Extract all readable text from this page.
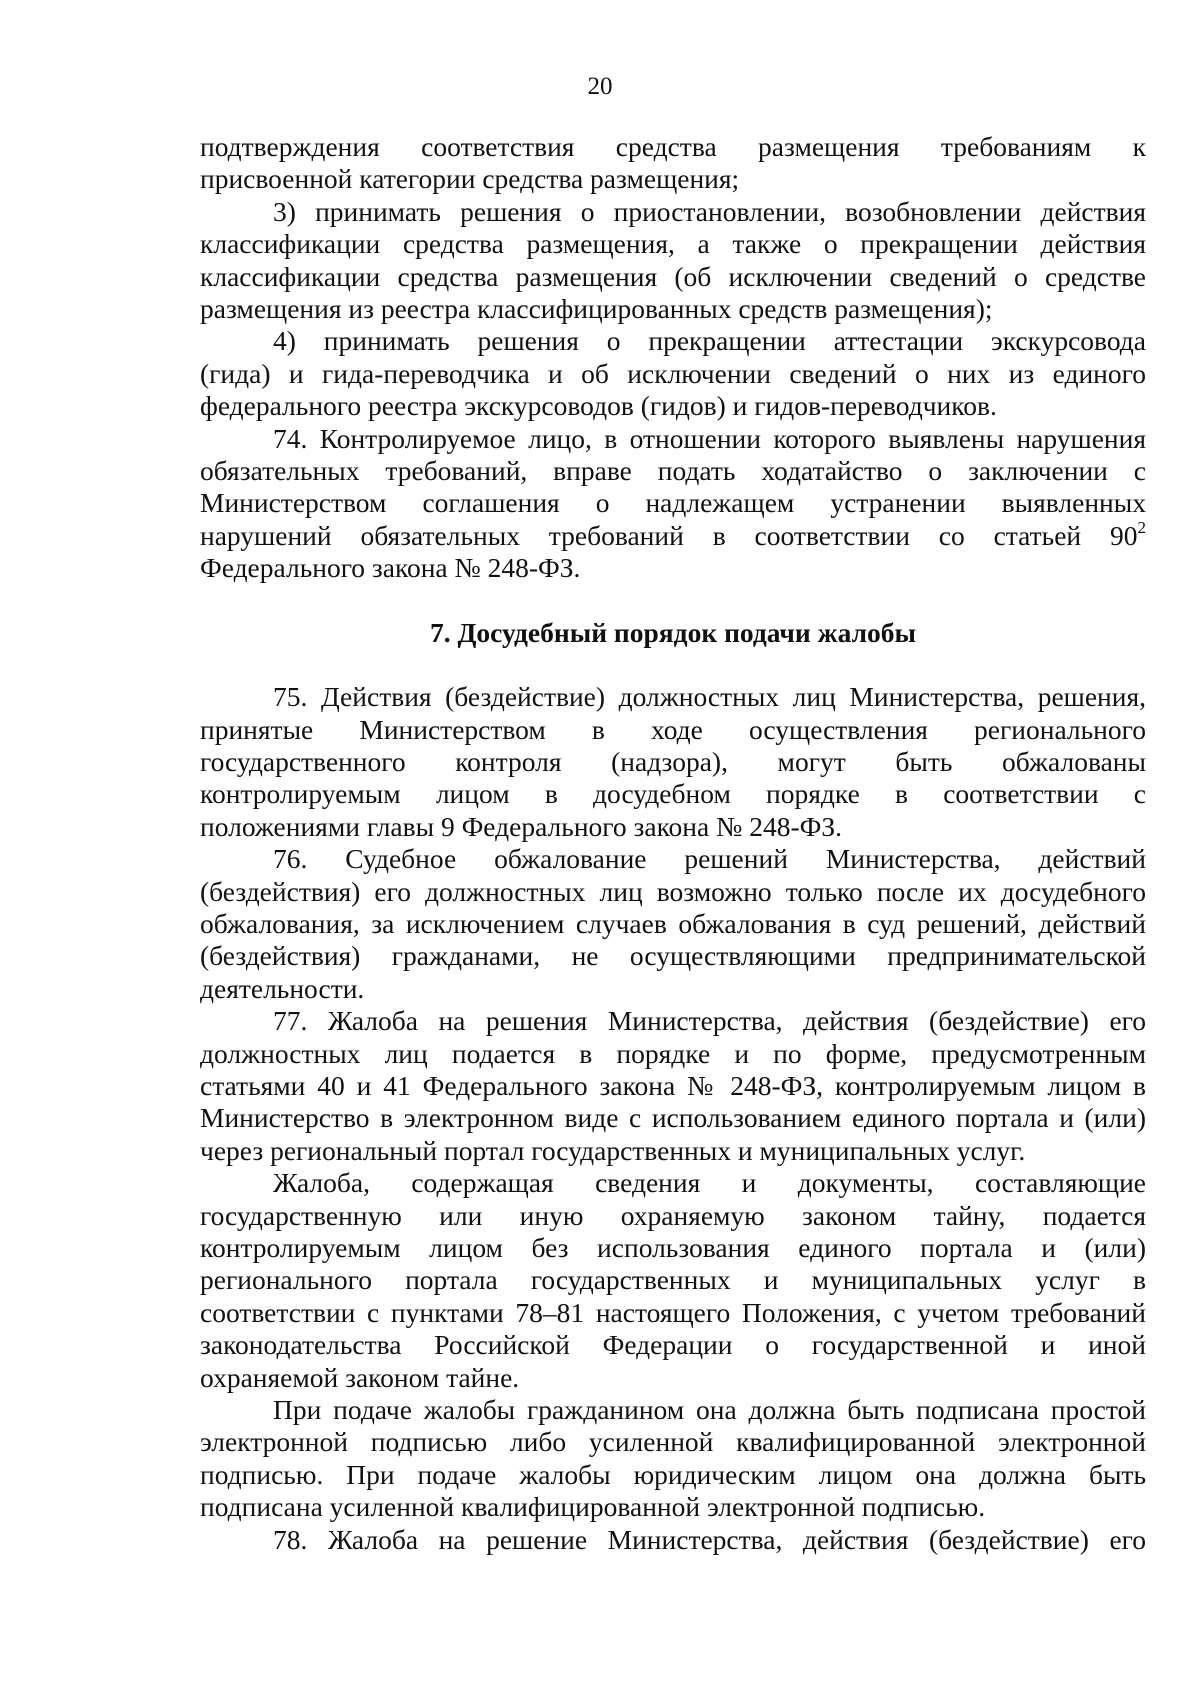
20

подтверждения соответствия средства размещения требованиям к

присвоенной категории средства размещения;

3) принимать решения о приостановлении, возобновлении действия

классификации средства размещения, а также о прекращении действия

классификации средства размещения (об исключении сведений о средстве

размещения из реестра классифицированных средств размещения);

4) принимать решения о прекращении аттестации экскурсовода

(гида) и гида-переводчика и об исключении сведений о них из единого

федерального реестра экскурсоводов (гидов) и гидов-переводчиков.

74. Контролируемое лицо, в отношении которого выявлены нарушения

обязательных требований, вправе подать ходатайство о заключении с

Министерством соглашения о надлежащем устранении выявленных

нарушений обязательных требований в соответствии со статьей $90^2$

Федерального закона № 248-ФЗ.

7. Досудебный порядок подачи жалобы

75. Действия (бездействие) должностных лиц Министерства, решения,

принятые Министерством в ходе осуществления регионального

государственного контроля (надзора), могут быть обжалованы

контролируемым лицом в досудебном порядке в соответствии с

положениями главы 9 Федерального закона № 248-ФЗ.

76. Судебное обжалование решений Министерства, действий

(бездействия) его должностных лиц возможно только после их досудебного

обжалования, за исключением случаев обжалования в суд решений, действий

(бездействия) гражданами, не осуществляющими предпринимательской

деятельности.

77. Жалоба на решения Министерства, действия (бездействие) его

должностных лиц подается в порядке и по форме, предусмотренным

статьями 40 и 41 Федерального закона № 248-ФЗ, контролируемым лицом в

Министерство в электронном виде с использованием единого портала и (или)

через региональный портал государственных и муниципальных услуг.

Жалоба, содержащая сведения и документы, составляющие

государственную или иную охраняемую законом тайну, подается

контролируемым лицом без использования единого портала и (или)

регионального портала государственных и муниципальных услуг в

соответствии с пунктами 78–81 настоящего Положения, с учетом требований

законодательства Российской Федерации о государственной и иной

охраняемой законом тайне.

При подаче жалобы гражданином она должна быть подписана простой

электронной подписью либо усиленной квалифицированной электронной

подписью. При подаче жалобы юридическим лицом она должна быть

подписана усиленной квалифицированной электронной подписью.

78. Жалоба на решение Министерства, действия (бездействие) его
